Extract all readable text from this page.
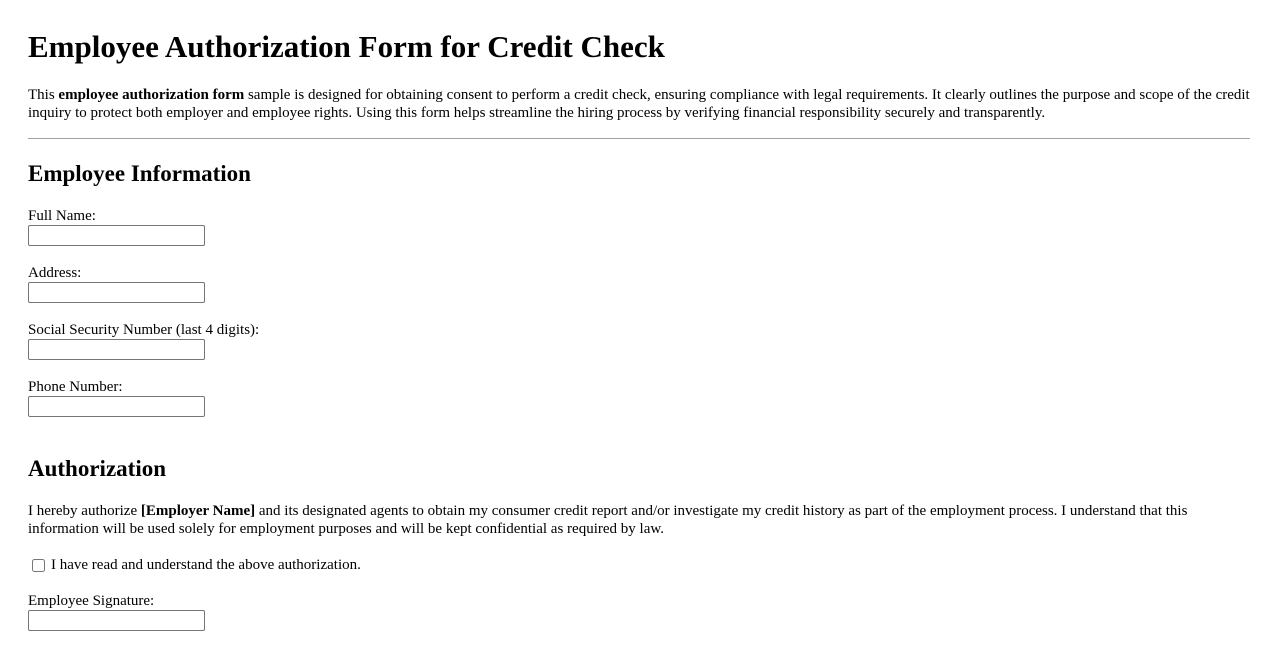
Employee Authorization Form for Credit Check

This employee authorization form sample is designed for obtaining consent to perform a credit check, ensuring compliance with legal requirements. It clearly outlines the purpose and scope of the credit inquiry to protect both employer and employee rights. Using this form helps streamline the hiring process by verifying financial responsibility securely and transparently.

Employee Information
Full Name:
Address:
Social Security Number (last 4 digits):
Phone Number:
Authorization

I hereby authorize [Employer Name] and its designated agents to obtain my consumer credit report and/or investigate my credit history as part of the employment process. I understand that this information will be used solely for employment purposes and will be kept confidential as required by law.

I have read and understand the above authorization.
Employee Signature:
